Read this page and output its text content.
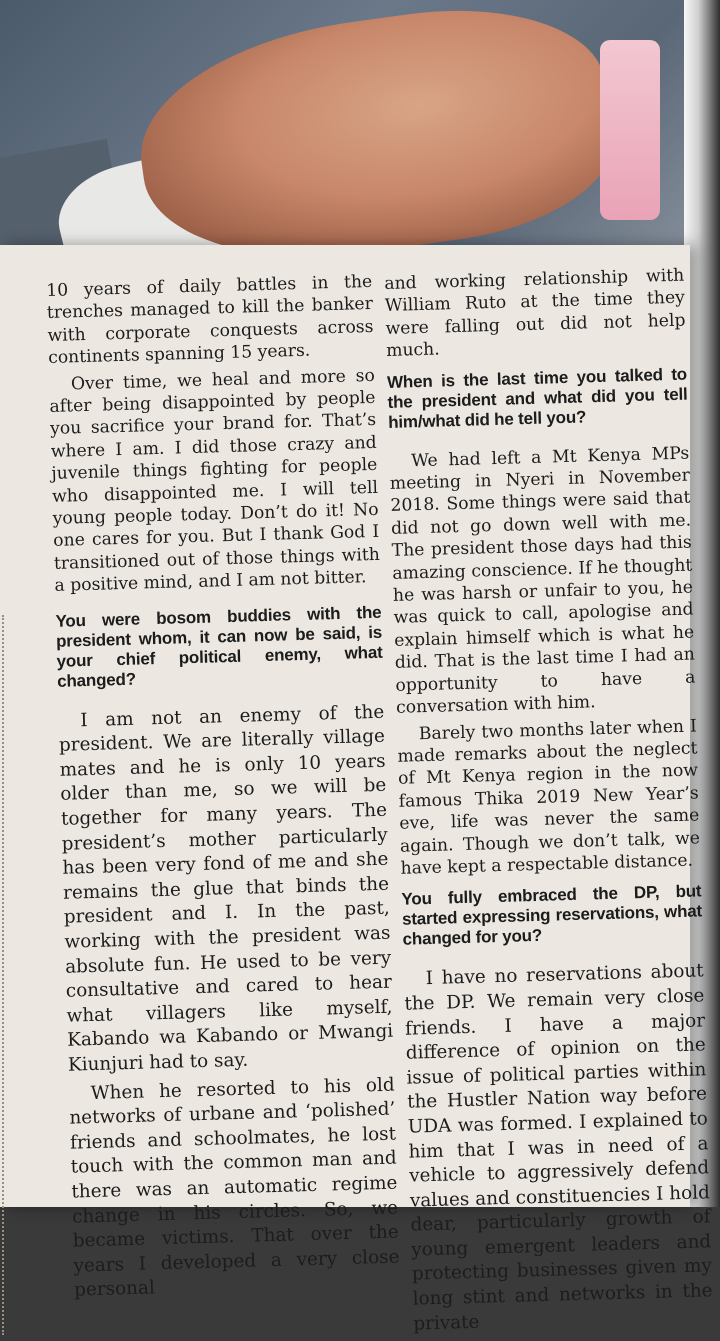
10 years of daily battles in the trenches managed to kill the banker with corporate conquests across continents spanning 15 years.

Over time, we heal and more so after being disappointed by people you sacrifice your brand for. That’s where I am. I did those crazy and juvenile things fighting for people who disappointed me. I will tell young people today. Don’t do it! No one cares for you. But I thank God I transitioned out of those things with a positive mind, and I am not bitter.

You were bosom buddies with the president whom, it can now be said, is your chief political enemy, what changed?

I am not an enemy of the president. We are literally village mates and he is only 10 years older than me, so we will be together for many years. The president’s mother particularly has been very fond of me and she remains the glue that binds the president and I. In the past, working with the president was absolute fun. He used to be very consultative and cared to hear what villagers like myself, Kabando wa Kabando or Mwangi Kiunjuri had to say.

When he resorted to his old networks of urbane and ‘polished’ friends and schoolmates, he lost touch with the common man and there was an automatic regime change in his circles. So, we became victims. That over the years I developed a very close personal

and working relationship with William Ruto at the time they were falling out did not help much.

When is the last time you talked to the president and what did you tell him/what did he tell you?

We had left a Mt Kenya MPs meeting in Nyeri in November 2018. Some things were said that did not go down well with me. The president those days had this amazing conscience. If he thought he was harsh or unfair to you, he was quick to call, apologise and explain himself which is what he did. That is the last time I had an opportunity to have a conversation with him.

Barely two months later when I made remarks about the neglect of Mt Kenya region in the now famous Thika 2019 New Year’s eve, life was never the same again. Though we don’t talk, we have kept a respectable distance.

You fully embraced the DP, but started expressing reservations, what changed for you?

I have no reservations about the DP. We remain very close friends. I have a major difference of opinion on the issue of political parties within the Hustler Nation way before UDA was formed. I explained to him that I was in need of a vehicle to aggressively defend values and constituencies I hold dear, particularly growth of young emergent leaders and protecting businesses given my long stint and networks in the private
